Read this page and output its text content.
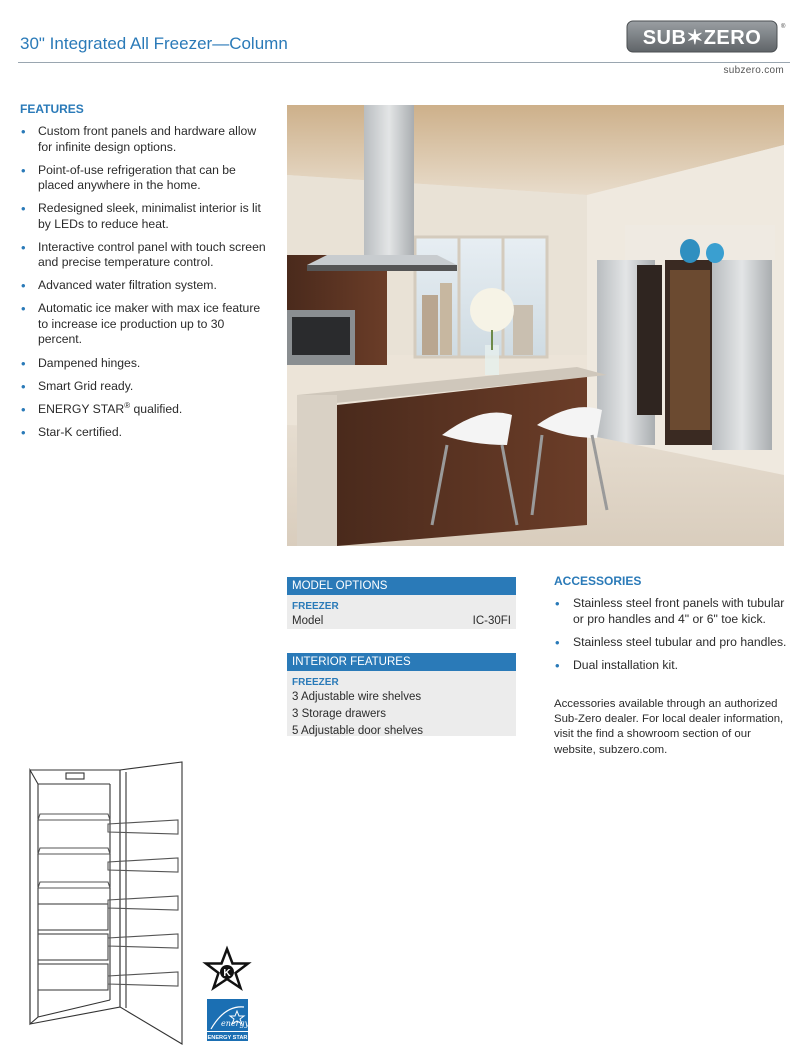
30" Integrated All Freezer—Column	SUB✶ZERO	®
subzero.com
FEATURES
• Custom front panels and hardware allow for infinite design options.
• Point-of-use refrigeration that can be placed anywhere in the home.
• Redesigned sleek, minimalist interior is lit by LEDs to reduce heat.
• Interactive control panel with touch screen and precise temperature control.
• Advanced water filtration system.
• Automatic ice maker with max ice feature to increase ice production up to 30 percent.
• Dampened hinges.
• Smart Grid ready.
• ENERGY STAR® qualified.
• Star-K certified.
MODEL OPTIONS
FREEZER
Model	IC-30FI
INTERIOR FEATURES
FREEZER
3 Adjustable wire shelves
3 Storage drawers
5 Adjustable door shelves
ACCESSORIES
• Stainless steel front panels with tubular or pro handles and 4" or 6" toe kick.
• Stainless steel tubular and pro handles.
• Dual installation kit.
Accessories available through an authorized Sub-Zero dealer. For local dealer information, visit the find a showroom section of our website, subzero.com.
K
energy
ENERGY STAR
